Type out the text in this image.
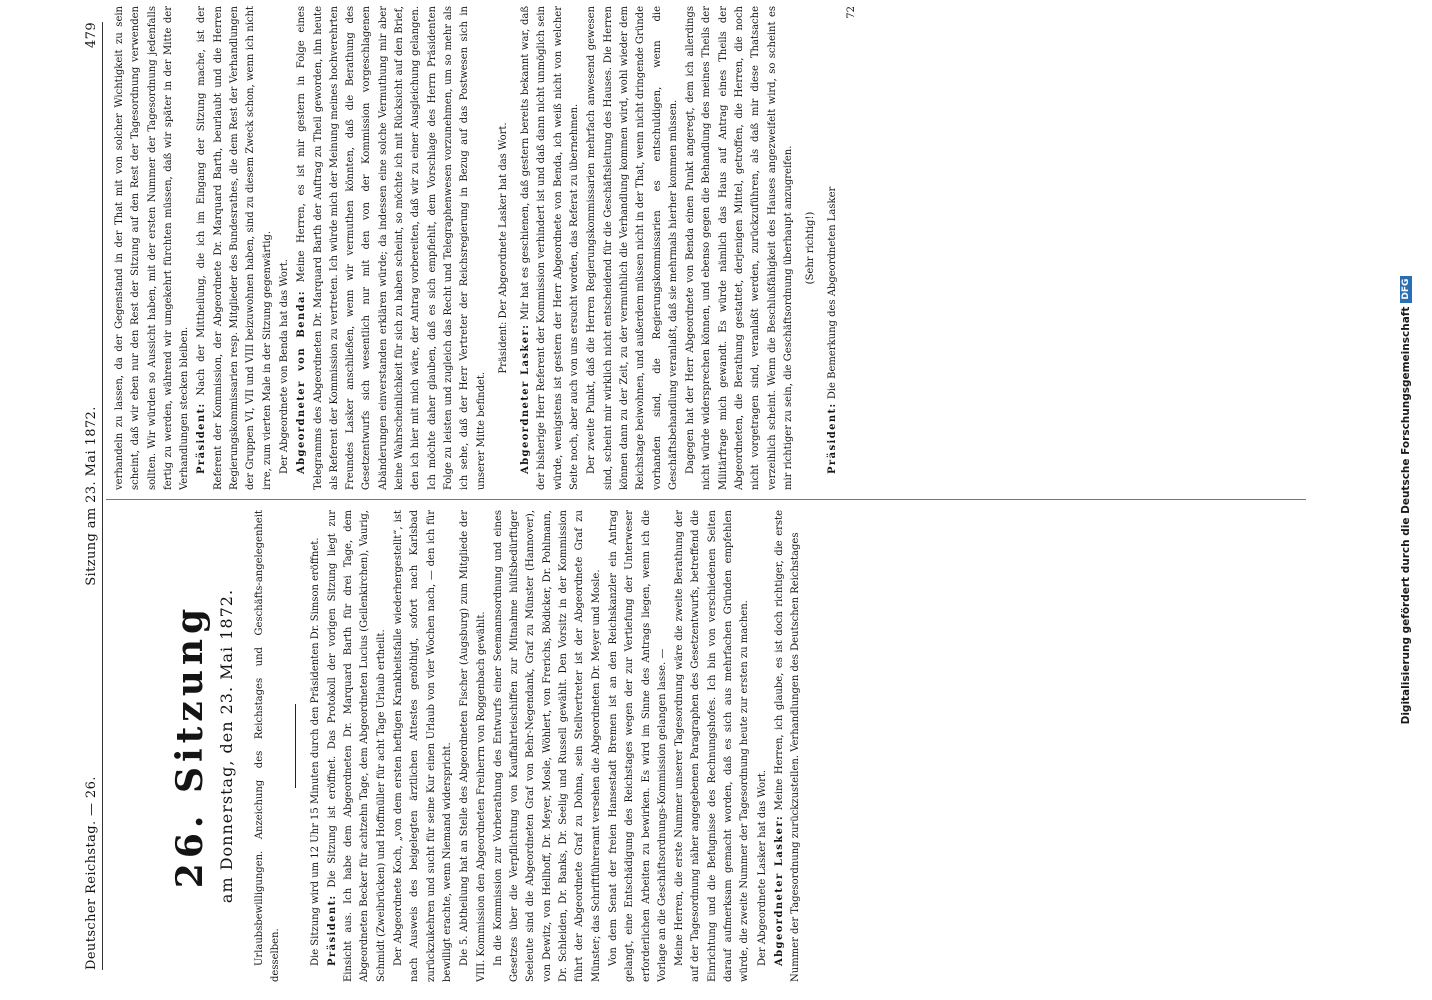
Deutscher Reichstag. — 26.
Sitzung am 23. Mai 1872.
479
26. Sitzung am Donnerstag, den 23. Mai 1872. Urlaubsbewilligungen. Anzeichung des Reichstages und Geschäfts-angelegenheit desselben.	Die Sitzung wird um 12 Uhr 15 Minuten durch den Präsidenten Dr. Simson eröffnet. Präsident: Die Sitzung ist eröffnet. Das Protokoll der vorigen Sitzung liegt zur Einsicht aus. Ich habe dem Abgeordneten Dr. Marquard Barth für drei Tage, dem Abgeordneten Becker für achtzehn Tage, dem Abgeordneten Lucius (Geilenkirchen), Vaurig, Schmidt (Zweibrücken) und Hoffmüller für acht Tage Urlaub ertheilt. Der Abgeordnete Koch, „von dem ersten heftigen Krankheitsfalle wiederhergestellt“, ist nach Ausweis des beigelegten ärztlichen Attestes genöthigt, sofort nach Karlsbad zurückzukehren und sucht für seine Kur einen Urlaub von vier Wochen nach, — den ich für bewilligt erachte, wenn Niemand widerspricht. Die 5. Abtheilung hat an Stelle des Abgeordneten Fischer (Augsburg) zum Mitgliede der VIII. Kommission den Abgeordneten Freiherrn von Roggenbach gewählt. In die Kommission zur Vorberathung des Entwurfs einer Seemannsordnung und eines Gesetzes über die Verpflichtung von Kauffahrteischiffen zur Mitnahme hülfsbedürftiger Seeleute sind die Abgeordneten Graf von Behr-Negendank, Graf zu Münster (Hannover), von Dewitz, von Hellhoff, Dr. Meyer, Mosle, Wöhlert, von Frerichs, Bödicker, Dr. Pohlmann, Dr. Schleiden, Dr. Banks, Dr. Seelig und Russell gewählt. Den Vorsitz in der Kommission führt der Abgeordnete Graf zu Dohna, sein Stellvertreter ist der Abgeordnete Graf zu Münster; das Schriftführeramt versehen die Abgeordneten Dr. Meyer und Mosle. Von dem Senat der freien Hansestadt Bremen ist an den Reichskanzler ein Antrag gelangt, eine Entschädigung des Reichstages wegen der zur Vertiefung der Unterweser erforderlichen Arbeiten zu bewirken. Es wird im Sinne des Antrags liegen, wenn ich die Vorlage an die Geschäftsordnungs-Kommission gelangen lasse. — Meine Herren, die erste Nummer unserer Tagesordnung wäre die zweite Berathung der auf der Tagesordnung näher angegebenen Paragraphen des Gesetzentwurfs, betreffend die Einrichtung und die Befugnisse des Rechnungshofes. Ich bin von verschiedenen Seiten darauf aufmerksam gemacht worden, daß es sich aus mehrfachen Gründen empfehlen würde, die zweite Nummer der Tagesordnung heute zur ersten zu machen. Der Abgeordnete Lasker hat das Wort. Abgeordneter Lasker: Meine Herren, ich glaube, es ist doch richtiger, die erste Nummer der Tagesordnung zurückzustellen. Verhandlungen des Deutschen Reichstages

verhandeln zu lassen, da der Gegenstand in der That mit von solcher Wichtigkeit zu sein scheint, daß wir eben nur den Rest der Sitzung auf den Rest der Tagesordnung verwenden sollten. Wir würden so Aussicht haben, mit der ersten Nummer der Tagesordnung jedenfalls fertig zu werden, während wir umgekehrt fürchten müssen, daß wir später in der Mitte der Verhandlungen stecken bleiben. Präsident: Nach der Mittheilung, die ich im Eingang der Sitzung mache, ist der Referent der Kommission, der Abgeordnete Dr. Marquard Barth, beurlaubt und die Herren Regierungskommissarien resp. Mitglieder des Bundesrathes, die dem Rest der Verhandlungen der Gruppen VI, VII und VIII beizuwohnen haben, sind zu diesem Zweck schon, wenn ich nicht irre, zum vierten Male in der Sitzung gegenwärtig. Der Abgeordnete von Benda hat das Wort. Abgeordneter von Benda: Meine Herren, es ist mir gestern in Folge eines Telegramms des Abgeordneten Dr. Marquard Barth der Auftrag zu Theil geworden, ihn heute als Referent der Kommission zu vertreten. Ich würde mich der Meinung meines hochverehrten Freundes Lasker anschließen, wenn wir vermuthen könnten, daß die Berathung des Gesetzentwurfs sich wesentlich nur mit den von der Kommission vorgeschlagenen Abänderungen einverstanden erklären würde; da indessen eine solche Vermuthung mir aber keine Wahrscheinlichkeit für sich zu haben scheint, so möchte ich mit Rücksicht auf den Brief, den ich hier mit mich wäre, der Antrag vorbereiten, daß wir zu einer Ausgleichung gelangen. Ich möchte daher glauben, daß es sich empfiehlt, dem Vorschlage des Herrn Präsidenten Folge zu leisten und zugleich das Recht und Telegraphenwesen vorzunehmen, um so mehr als ich sehe, daß der Herr Vertreter der Reichsregierung in Bezug auf das Postwesen sich in unserer Mitte befindet.

Präsident: Der Abgeordnete Lasker hat das Wort.

Abgeordneter Lasker: Mir hat es geschienen, daß gestern bereits bekannt war, daß der bisherige Herr Referent der Kommission verhindert ist und daß dann nicht unmöglich sein würde, wenigstens ist gestern der Herr Abgeordnete von Benda, ich weiß nicht von welcher Seite noch, aber auch von uns ersucht worden, das Referat zu übernehmen. Der zweite Punkt, daß die Herren Regierungskommissarien mehrfach anwesend gewesen sind, scheint mir wirklich nicht entscheidend für die Geschäftsleitung des Hauses. Die Herren können dann zu der Zeit, zu der vermuthlich die Verhandlung kommen wird, wohl wieder dem Reichstage beiwohnen, und außerdem müssen nicht in der That, wenn nicht dringende Gründe vorhanden sind, die Regierungskommissarien es entschuldigen, wenn die Geschäftsbehandlung veranlaßt, daß sie mehrmals hierher kommen müssen. Dagegen hat der Herr Abgeordnete von Benda einen Punkt angeregt, dem ich allerdings nicht würde widersprechen können, und ebenso gegen die Behandlung des meines Theils der Militärfrage mich gewandt. Es würde nämlich das Haus auf Antrag eines Theils der Abgeordneten, die Berathung gestattet, derjenigen Mittel, getroffen, die Herren, die noch nicht vorgetragen sind, veranlaßt werden, zurückzuführen, als daß mir diese Thatsache verzeihlich scheint. Wenn die Beschlußfähigkeit des Hauses angezweifelt wird, so scheint es mir richtiger zu sein, die Geschäftsordnung überhaupt anzugreifen.	(Sehr richtig!)

Präsident: Die Bemerkung des Abgeordneten Lasker

72

Digitalisierung gefördert durch die Deutsche ForschungsgemeinschaftDFG
